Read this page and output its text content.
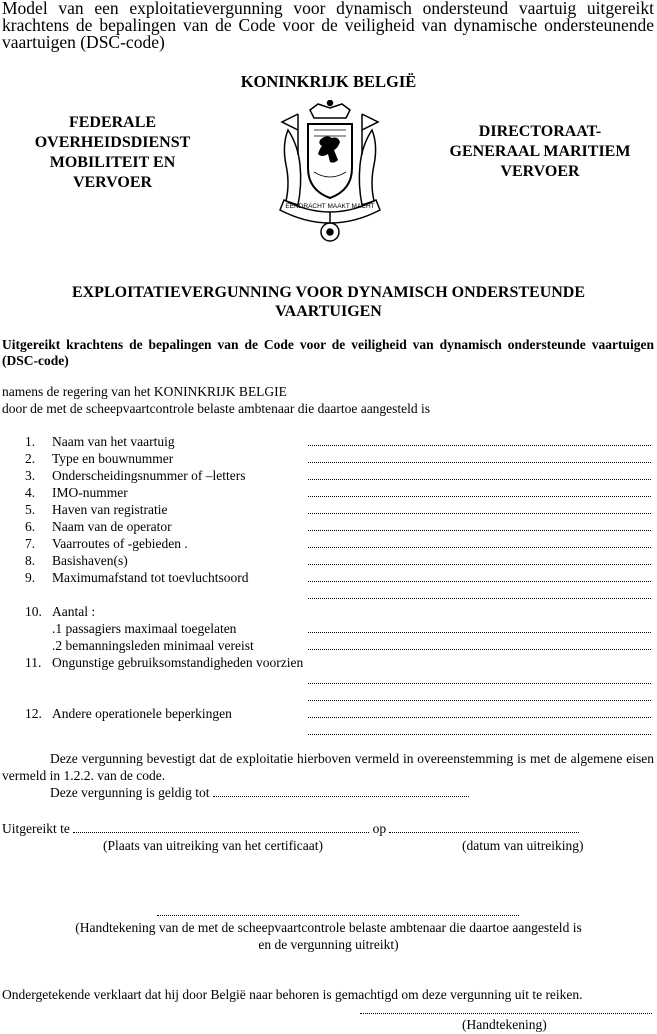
Model van een exploitatievergunning voor dynamisch ondersteund vaartuig uitgereikt krachtens de bepalingen van de Code voor de veiligheid van dynamische ondersteunende vaartuigen (DSC-code)
KONINKRIJK BELGIË
FEDERALE OVERHEIDSDIENST MOBILITEIT EN VERVOER
DIRECTORAAT-GENERAAL MARITIEM VERVOER
EENDRACHT MAAKT MACHT
EXPLOITATIEVERGUNNING VOOR DYNAMISCH ONDERSTEUNDE VAARTUIGEN
Uitgereikt krachtens de bepalingen van de Code voor de veiligheid van dynamisch ondersteunde vaartuigen (DSC-code)
namens de regering van het KONINKRIJK BELGIE
door de met de scheepvaartcontrole belaste ambtenaar die daartoe aangesteld is
1. Naam van het vaartuig
2. Type en bouwnummer
3. Onderscheidingsnummer of –letters
4. IMO-nummer
5. Haven van registratie
6. Naam van de operator
7. Vaarroutes of -gebieden .
8. Basishaven(s)
9. Maximumafstand tot toevluchtsoord
10. Aantal :
.1 passagiers maximaal toegelaten
.2 bemanningsleden minimaal vereist
11. Ongunstige gebruiksomstandigheden voorzien
12. Andere operationele beperkingen
Deze vergunning bevestigt dat de exploitatie hierboven vermeld in overeenstemming is met de algemene eisen vermeld in 1.2.2. van de code.
Deze vergunning is geldig tot
Uitgereikt te	op
(Plaats van uitreiking van het certificaat)	(datum van uitreiking)
(Handtekening van de met de scheepvaartcontrole belaste ambtenaar die daartoe aangesteld is
en de vergunning uitreikt)
Ondergetekende verklaart dat hij door België naar behoren is gemachtigd om deze vergunning uit te reiken.
(Handtekening)
